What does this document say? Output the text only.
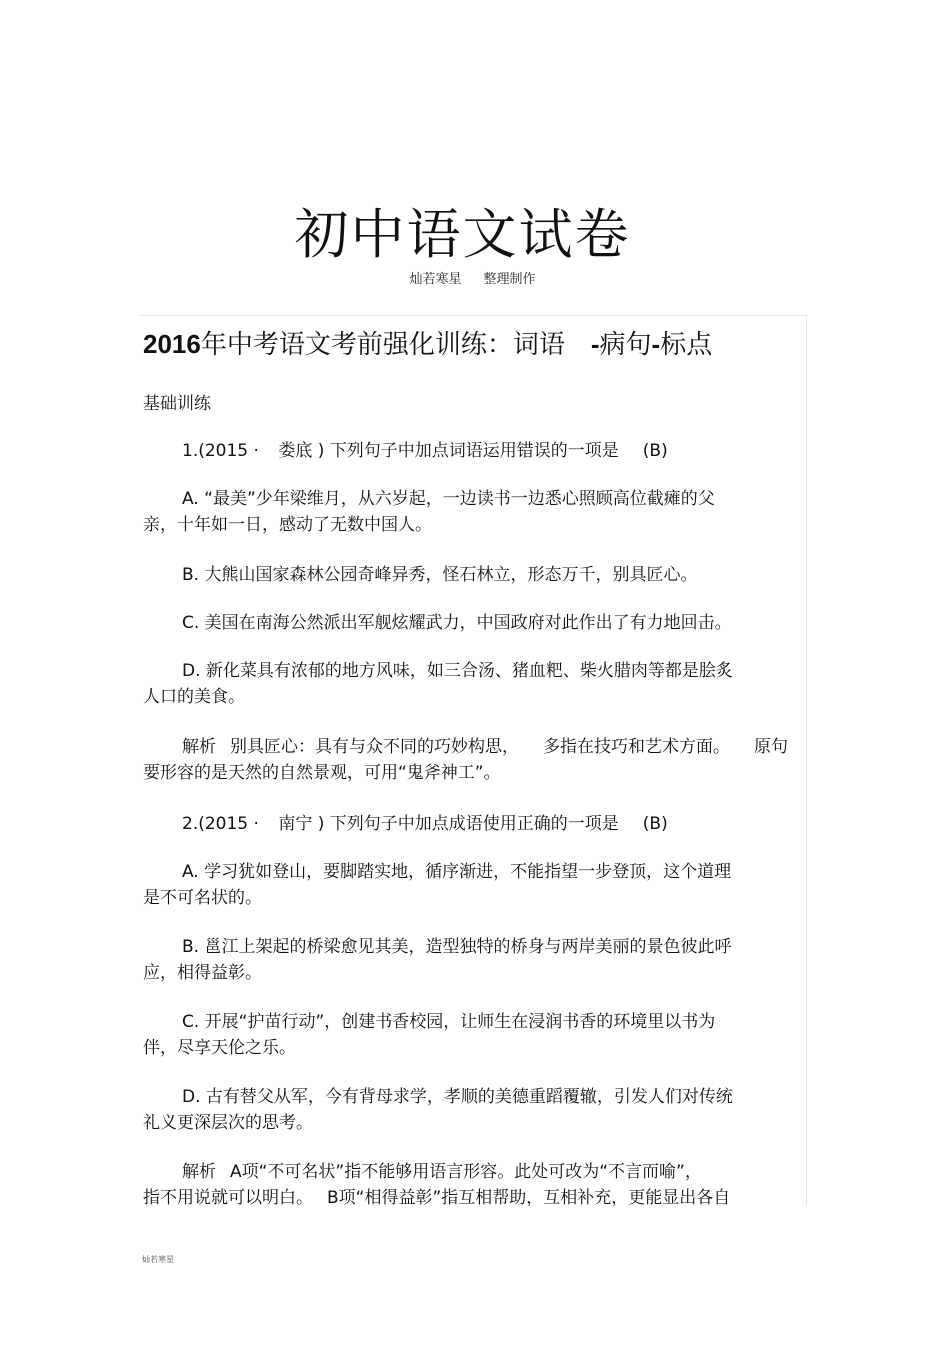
初中语文试卷
灿若寒星 整理制作
2016年中考语文考前强化训练：词语 -病句-标点
基础训练
1.(2015 · 娄底 ) 下列句子中加点词语运用错误的一项是 (B)
A. “最美”少年梁维月，从六岁起，一边读书一边悉心照顾高位截瘫的父
亲，十年如一日，感动了无数中国人。
B. 大熊山国家森林公园奇峰异秀，怪石林立，形态万千，别具匠心。
C. 美国在南海公然派出军舰炫耀武力，中国政府对此作出了有力地回击。
D. 新化菜具有浓郁的地方风味，如三合汤、猪血粑、柴火腊肉等都是脍炙
人口的美食。
解析 别具匠心：具有与众不同的巧妙构思， 多指在技巧和艺术方面。 原句
要形容的是天然的自然景观，可用“鬼斧神工”。
2.(2015 · 南宁 ) 下列句子中加点成语使用正确的一项是 (B)
A. 学习犹如登山，要脚踏实地，循序渐进，不能指望一步登顶，这个道理
是不可名状的。
B. 邕江上架起的桥梁愈见其美，造型独特的桥身与两岸美丽的景色彼此呼
应，相得益彰。
C. 开展“护苗行动”，创建书香校园，让师生在浸润书香的环境里以书为
伴，尽享天伦之乐。
D. 古有替父从军，今有背母求学，孝顺的美德重蹈覆辙，引发人们对传统
礼义更深层次的思考。
解析 A项“不可名状”指不能够用语言形容。此处可改为“不言而喻”，
指不用说就可以明白。 B项“相得益彰”指互相帮助，互相补充，更能显出各自
灿若寒星
